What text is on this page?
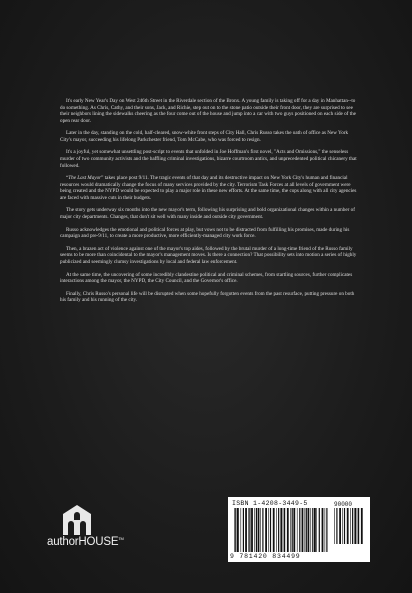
It's early New Year's Day on West 246th Street in the Riverdale section of the Bronx. A young family is taking off for a day in Manhattan--to do something. As Chris, Cathy, and their sons, Jack, and Richie, step out on to the stone patio outside their front door, they are surprised to see their neighbors lining the sidewalks cheering as the four come out of the house and jump into a car with two guys positioned on each side of the open rear door.

Later in the day, standing on the cold, half-cleared, snow-white front steps of City Hall, Chris Russo takes the oath of office as New York City's mayor, succeeding his lifelong Parkchester friend, Tom McCabe, who was forced to resign.

It's a joyful, yet somewhat unsettling post-script to events that unfolded in Joe Hoffman's first novel, "Acts and Omissions," the senseless murder of two community activists and the baffling criminal investigations, bizarre courtroom antics, and unprecedented political chicanery that followed.

“The Last Mayor” takes place post 9/11. The tragic events of that day and its destructive impact on New York City's human and financial resources would dramatically change the focus of many services provided by the city. Terrorism Task Forces at all levels of government were being created and the NYPD would be expected to play a major role in these new efforts. At the same time, the cops along with all city agencies are faced with massive cuts in their budgets.

The story gets underway six months into the new mayor's term, following his surprising and bold organizational changes within a number of major city departments. Changes, that don't sit well with many inside and outside city government.

Russo acknowledges the emotional and political forces at play, but vows not to be distracted from fulfilling his promises, made during his campaign and pre-9/11, to create a more productive, more efficiently-managed city work force.

Then, a brazen act of violence against one of the mayor's top aides, followed by the brutal murder of a long-time friend of the Russo family seems to be more than coincidental to the mayor's management moves. Is there a connection? That possibility sets into motion a series of highly publicized and seemingly clumsy investigations by local and federal law enforcement.

At the same time, the uncovering of some incredibly clandestine political and criminal schemes, from startling sources, further complicates interactions among the mayor, the NYPD, the City Council, and the Governor's office.

Finally, Chris Russo's personal life will be disrupted when some hopefully forgotten events from the past resurface, putting pressure on both his family and his running of the city.

authorHOUSE™
ISBN 1-4208-3449-5	90000
9 781420 834499
